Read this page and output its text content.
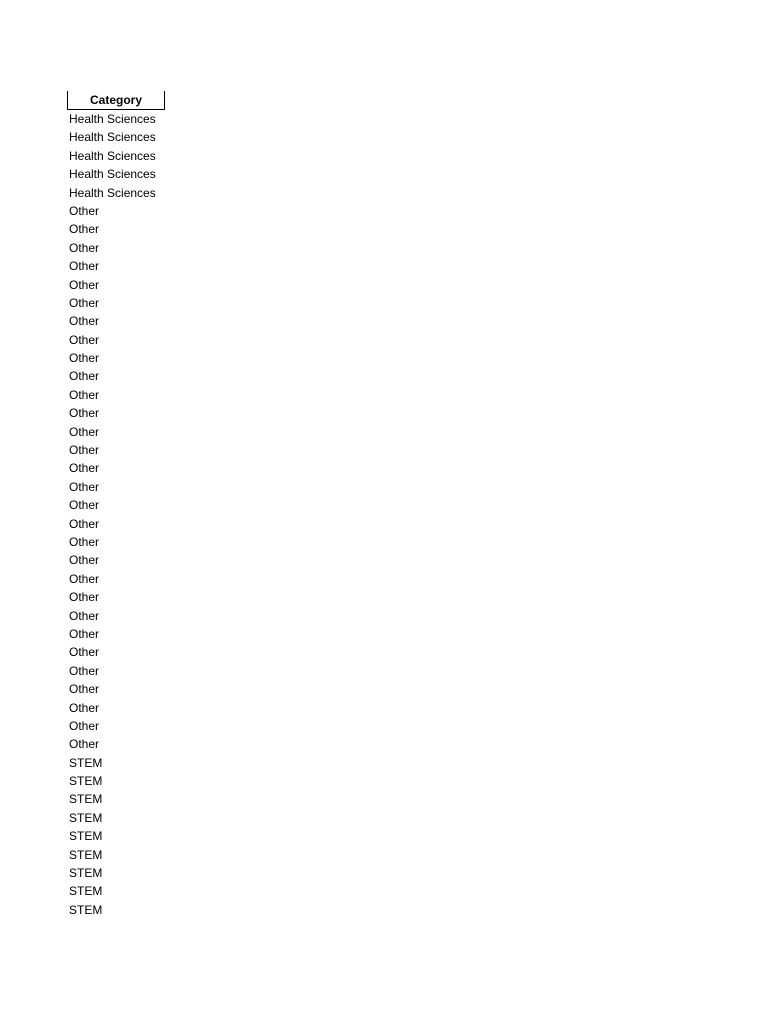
Category
Health Sciences
Health Sciences
Health Sciences
Health Sciences
Health Sciences
Other
Other
Other
Other
Other
Other
Other
Other
Other
Other
Other
Other
Other
Other
Other
Other
Other
Other
Other
Other
Other
Other
Other
Other
Other
Other
Other
Other
Other
Other
STEM
STEM
STEM
STEM
STEM
STEM
STEM
STEM
STEM
